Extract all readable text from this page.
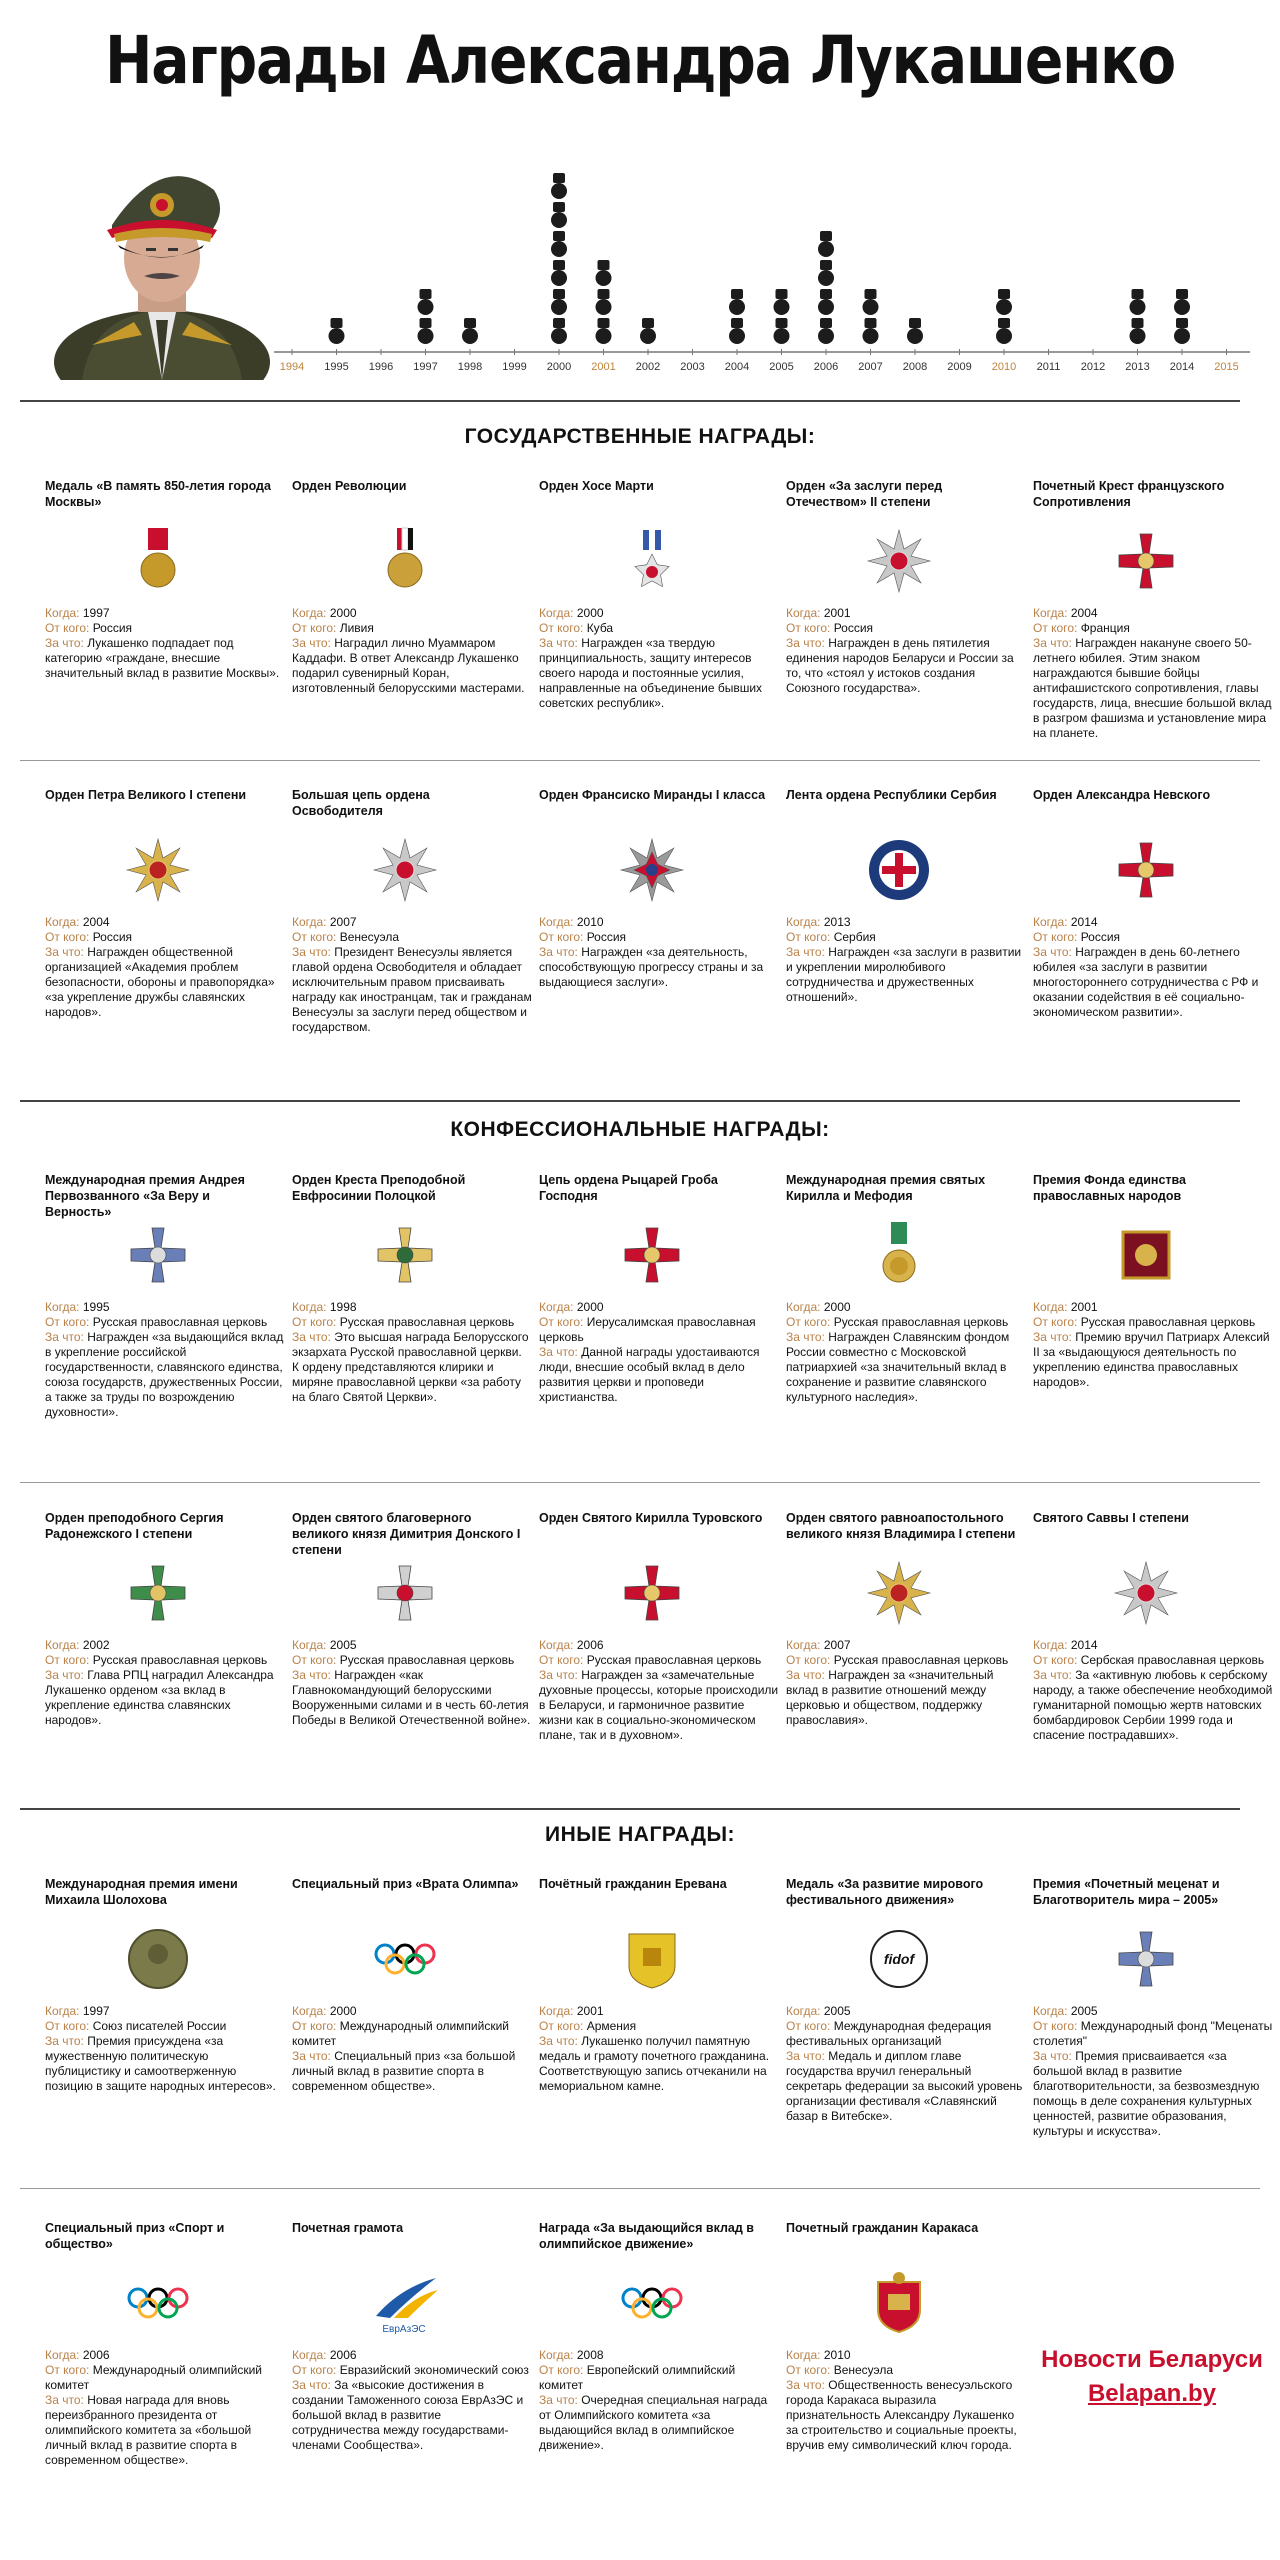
Награды Александра Лукашенко
1994 1995 1996 1997 1998 1999 2000 2001 2002 2003 2004 2005 2006 2007 2008 2009 2010 2011 2012 2013 2014 2015
ГОСУДАРСТВЕННЫЕ НАГРАДЫ:
КОНФЕССИОНАЛЬНЫЕ НАГРАДЫ:
ИНЫЕ НАГРАДЫ:
Медаль «В память 850-летия города Москвы»
Когда: 1997
От кого: Россия
За что: Лукашенко подпадает под категорию «граждане, внесшие значительный вклад в развитие Москвы».
Орден Революции
Когда: 2000
От кого: Ливия
За что: Наградил лично Муаммаром Каддафи. В ответ Александр Лукашенко подарил сувенирный Коран, изготовленный белорусскими мастерами.
Орден Хосе Марти
Когда: 2000
От кого: Куба
За что: Награжден «за твердую принципиальность, защиту интересов своего народа и постоянные усилия, направленные на объединение бывших советских республик».
Орден «За заслуги перед Отечеством» II степени
Когда: 2001
От кого: Россия
За что: Награжден в день пятилетия единения народов Беларуси и России за то, что «стоял у истоков создания Союзного государства».
Почетный Крест французского Сопротивления
Когда: 2004
От кого: Франция
За что: Награжден накануне своего 50-летнего юбилея. Этим знаком награждаются бывшие бойцы антифашистского сопротивления, главы государств, лица, внесшие большой вклад в разгром фашизма и установление мира на планете.
Орден Петра Великого I степени
Когда: 2004
От кого: Россия
За что: Награжден общественной организацией «Академия проблем безопасности, обороны и правопорядка» «за укрепление дружбы славянских народов».
Большая цепь ордена Освободителя
Когда: 2007
От кого: Венесуэла
За что: Президент Венесуэлы является главой ордена Освободителя и обладает исключительным правом присваивать награду как иностранцам, так и гражданам Венесуэлы за заслуги перед обществом и государством.
Орден Франсиско Миранды I класса
Когда: 2010
От кого: Россия
За что: Награжден «за деятельность, способствующую прогрессу страны и за выдающиеся заслуги».
Лента ордена Республики Сербия
Когда: 2013
От кого: Сербия
За что: Награжден «за заслуги в развитии и укреплении миролюбивого сотрудничества и дружественных отношений».
Орден Александра Невского
Когда: 2014
От кого: Россия
За что: Награжден в день 60-летнего юбилея «за заслуги в развитии многостороннего сотрудничества с РФ и оказании содействия в её социально-экономическом развитии».
Международная премия Андрея Первозванного «За Веру и Верность»
Когда: 1995
От кого: Русская православная церковь
За что: Награжден «за выдающийся вклад в укрепление российской государственности, славянского единства, союза государств, дружественных России, а также за труды по возрождению духовности».
Орден Креста Преподобной Евфросинии Полоцкой
Когда: 1998
От кого: Русская православная церковь
За что: Это высшая награда Белорусского экзархата Русской православной церкви. К ордену представляются клирики и миряне православной церкви «за работу на благо Святой Церкви».
Цепь ордена Рыцарей Гроба Господня
Когда: 2000
От кого: Иерусалимская православная церковь
За что: Данной награды удостаиваются люди, внесшие особый вклад в дело развития церкви и проповеди христианства.
Международная премия святых Кирилла и Мефодия
Когда: 2000
От кого: Русская православная церковь
За что: Награжден Славянским фондом России совместно с Московской патриархией «за значительный вклад в сохранение и развитие славянского культурного наследия».
Премия Фонда единства православных народов
Когда: 2001
От кого: Русская православная церковь
За что: Премию вручил Патриарх Алексий II за «выдающуюся деятельность по укреплению единства православных народов».
Орден преподобного Сергия Радонежского I степени
Когда: 2002
От кого: Русская православная церковь
За что: Глава РПЦ наградил Александра Лукашенко орденом «за вклад в укрепление единства славянских народов».
Орден святого благоверного великого князя Димитрия Донского I степени
Когда: 2005
От кого: Русская православная церковь
За что: Награжден «как Главнокомандующий белорусскими Вооруженными силами и в честь 60-летия Победы в Великой Отечественной войне».
Орден Святого Кирилла Туровского
Когда: 2006
От кого: Русская православная церковь
За что: Награжден за «замечательные духовные процессы, которые происходили в Беларуси, и гармоничное развитие жизни как в социально-экономическом плане, так и в духовном».
Орден святого равноапостольного великого князя Владимира I степени
Когда: 2007
От кого: Русская православная церковь
За что: Награжден за «значительный вклад в развитие отношений между церковью и обществом, поддержку православия».
Святого Саввы I степени
Когда: 2014
От кого: Сербская православная церковь
За что: За «активную любовь к сербскому народу, а также обеспечение необходимой гуманитарной помощью жертв натовских бомбардировок Сербии 1999 года и спасение пострадавших».
Международная премия имени Михаила Шолохова
Когда: 1997
От кого: Союз писателей России
За что: Премия присуждена «за мужественную политическую публицистику и самоотверженную позицию в защите народных интересов».
Специальный приз «Врата Олимпа»
Когда: 2000
От кого: Международный олимпийский комитет
За что: Специальный приз «за большой личный вклад в развитие спорта в современном обществе».
Почётный гражданин Еревана
Когда: 2001
От кого: Армения
За что: Лукашенко получил памятную медаль и грамоту почетного гражданина. Соответствующую запись отчеканили на мемориальном камне.
Медаль «За развитие мирового фестивального движения»
fidof
Когда: 2005
От кого: Международная федерация фестивальных организаций
За что: Медаль и диплом главе государства вручил генеральный секретарь федерации за высокий уровень организации фестиваля «Славянский базар в Витебске».
Премия «Почетный меценат и Благотворитель мира – 2005»
Когда: 2005
От кого: Международный фонд "Меценаты столетия"
За что: Премия присваивается «за большой вклад в развитие благотворительности, за безвозмездную помощь в деле сохранения культурных ценностей, развитие образования, культуры и искусства».
Специальный приз «Спорт и общество»
Когда: 2006
От кого: Международный олимпийский комитет
За что: Новая награда для вновь переизбранного президента от олимпийского комитета за «большой личный вклад в развитие спорта в современном обществе».
Почетная грамота
ЕврАзЭС
Когда: 2006
От кого: Евразийский экономический союз
За что: За «высокие достижения в создании Таможенного союза ЕврАзЭС и большой вклад в развитие сотрудничества между государствами-членами Сообщества».
Награда «За выдающийся вклад в олимпийское движение»
Когда: 2008
От кого: Европейский олимпийский комитет
За что: Очередная специальная награда от Олимпийского комитета «за выдающийся вклад в олимпийское движение».
Почетный гражданин Каракаса
Когда: 2010
От кого: Венесуэла
За что: Общественность венесуэльского города Каракаса выразила признательность Александру Лукашенко за строительство и социальные проекты, вручив ему символический ключ города.
Новости Беларуси
Belapan.by
